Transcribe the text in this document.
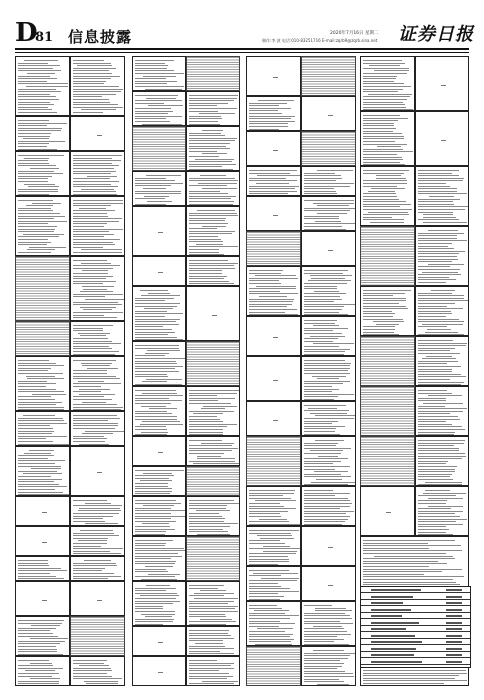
D
81 信息披露	2020年7月16日 星期二
制作:李 波 电话:010-83251716 E-mail:zqrb9@zqrb.sina.net 证券日报
